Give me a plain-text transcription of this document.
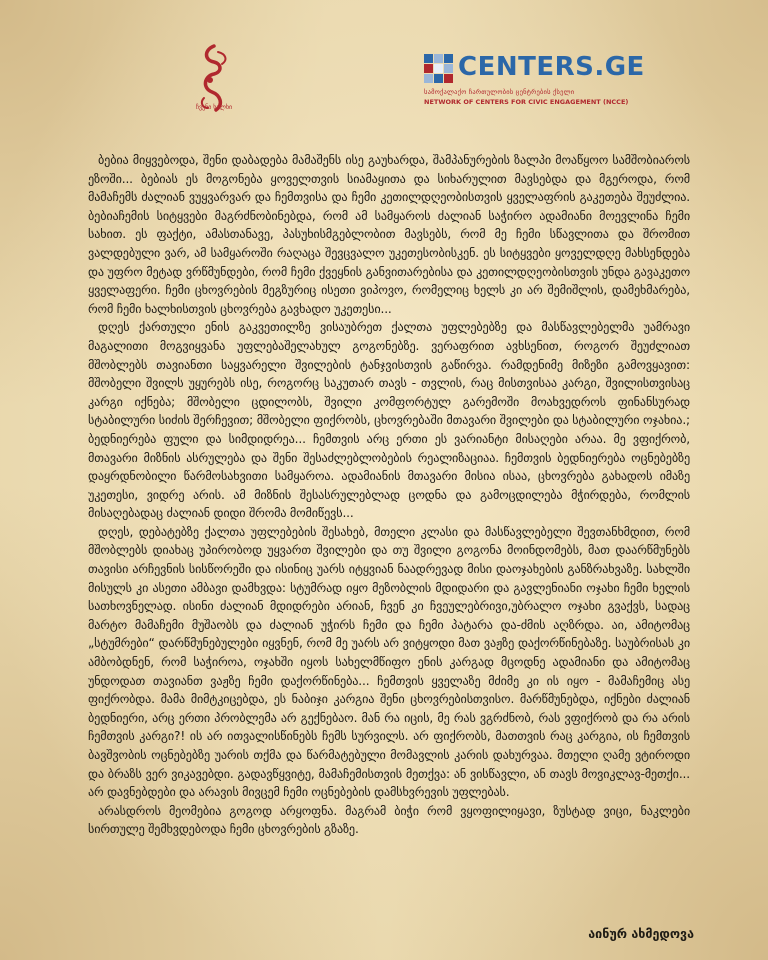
ჩვენი ხალხი
CENTERS.GE
სამოქალაქო ჩართულობის ცენტრების ქსელი
NETWORK OF CENTERS FOR CIVIC ENGAGEMENT (NCCE)

ბებია მიყვებოდა, შენი დაბადება მამაშენს ისე გაუხარდა, შამპანურების ზალპი მოაწყოო სამშობიაროს ეზოში... ბებიას ეს მოგონება ყოველთვის სიამაყითა და სიხარულით მავსებდა და მგეროდა, რომ მამაჩემს ძალიან ვუყვარვარ და ჩემთვისა და ჩემი კეთილდღეობისთვის ყველაფრის გაკეთება შეუძლია. ბებიაჩემის სიტყვები მაგრძნობინებდა, რომ ამ სამყაროს ძალიან საჭირო ადამიანი მოევლინა ჩემი სახით. ეს ფაქტი, ამასთანავე, პასუხისმგებლობით მავსებს, რომ მე ჩემი სწავლითა და შრომით ვალდებული ვარ, ამ სამყაროში რაღაცა შევცვალო უკეთესობისკენ. ეს სიტყვები ყოველდღე მახსენდება და უფრო მეტად ვრწმუნდები, რომ ჩემი ქვეყნის განვითარებისა და კეთილდღეობისთვის უნდა გავაკეთო ყველაფერი. ჩემი ცხოვრების მეგზურიც ისეთი ვიპოვო, რომელიც ხელს კი არ შემიშლის, დამეხმარება, რომ ჩემი ხალხისთვის ცხოვრება გავხადო უკეთესი...

დღეს ქართული ენის გაკვეთილზე ვისაუბრეთ ქალთა უფლებებზე და მასწავლებელმა უამრავი მაგალითი მოგვიყვანა უფლებაშელახულ გოგონებზე. ვერაფრით ავხსენით, როგორ შეუძლიათ მშობლებს თავიანთი საყვარელი შვილების ტანჯვისთვის გაწირვა. რამდენიმე მიზეზი გამოვყავით: მშობელი შვილს უყურებს ისე, როგორც საკუთარ თავს - თვლის, რაც მისთვისაა კარგი, შვილისთვისაც კარგი იქნება; მშობელი ცდილობს, შვილი კომფორტულ გარემოში მოახვედროს ფინანსურად სტაბილური სიძის შერჩევით; მშობელი ფიქრობს, ცხოვრებაში მთავარი შვილები და სტაბილური ოჯახია.; ბედნიერება ფული და სიმდიდრეა... ჩემთვის არც ერთი ეს ვარიანტი მისაღები არაა. მე ვფიქრობ, მთავარი მიზნის ასრულება და შენი შესაძლებლობების რეალიზაციაა. ჩემთვის ბედნიერება ოცნებებზე დაყრდნობილი წარმოსახვითი სამყაროა. ადამიანის მთავარი მისია ისაა, ცხოვრება გახადოს იმაზე უკეთესი, ვიდრე არის. ამ მიზნის შესასრულებლად ცოდნა და გამოცდილება მჭირდება, რომლის მისაღებადაც ძალიან დიდი შრომა მომიწევს...

დღეს, დებატებზე ქალთა უფლებების შესახებ, მთელი კლასი და მასწავლებელი შევთანხმდით, რომ მშობლებს დიახაც უპირობოდ უყვართ შვილები და თუ შვილი გოგონა მოინდომებს, მათ დაარწმუნებს თავისი არჩევნის სისწორეში და ისინიც უარს იტყვიან ნაადრევად მისი დაოჯახების განზრახვაზე. სახლში მისულს კი ასეთი ამბავი დამხვდა: სტუმრად იყო მეზობლის მდიდარი და გავლენიანი ოჯახი ჩემი ხელის სათხოვნელად. ისინი ძალიან მდიდრები არიან, ჩვენ კი ჩვეულებრივი,უბრალო ოჯახი გვაქვს, სადაც მარტო მამაჩემი მუშაობს და ძალიან უჭირს ჩემი და ჩემი პატარა და-ძმის აღზრდა. აი, ამიტომაც „სტუმრები“ დარწმუნებულები იყვნენ, რომ მე უარს არ ვიტყოდი მათ ვაჟზე დაქორწინებაზე. საუბრისას კი ამბობდნენ, რომ საჭიროა, ოჯახში იყოს სახელმწიფო ენის კარგად მცოდნე ადამიანი და ამიტომაც უნდოდათ თავიანთ ვაჟზე ჩემი დაქორწინება... ჩემთვის ყველაზე მძიმე კი ის იყო - მამაჩემიც ასე ფიქრობდა. მამა მიმტკიცებდა, ეს ნაბიჯი კარგია შენი ცხოვრებისთვისო. მარწმუნებდა, იქნები ძალიან ბედნიერი, არც ერთი პრობლემა არ გექნებაო. მან რა იცის, მე რას ვგრძნობ, რას ვფიქრობ და რა არის ჩემთვის კარგი?! ის არ ითვალისწინებს ჩემს სურვილს. არ ფიქრობს, მათთვის რაც კარგია, ის ჩემთვის ბავშვობის ოცნებებზე უარის თქმა და წარმატებული მომავლის კარის დახურვაა. მთელი ღამე ვტიროდი და ბრაზს ვერ ვიკავებდი. გადავწყვიტე, მამაჩემისთვის მეთქვა: ან ვისწავლი, ან თავს მოვიკლავ-მეთქი... არ დავნებდები და არავის მივცემ ჩემი ოცნებების დამსხვრევის უფლებას.

არასდროს მეომებია გოგოდ არყოფნა. მაგრამ ბიჭი რომ ვყოფილიყავი, ზუსტად ვიცი, ნაკლები სირთულე შემხვდებოდა ჩემი ცხოვრების გზაზე.

აინურ ახმედოვა
